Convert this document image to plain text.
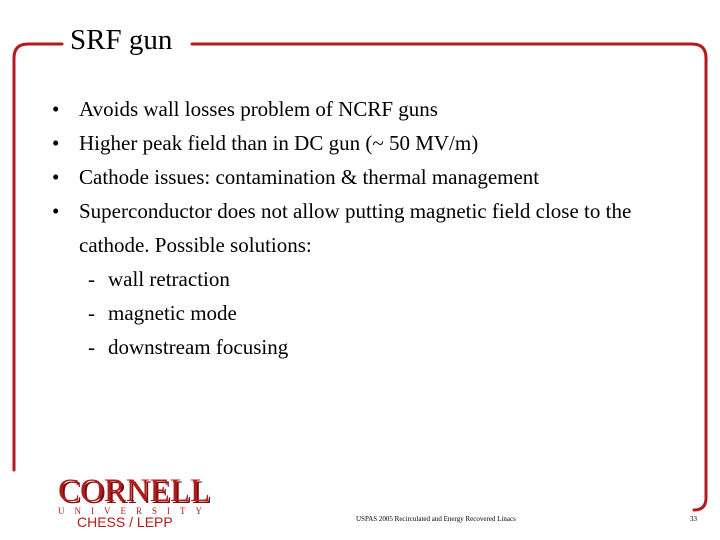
SRF gun
• Avoids wall losses problem of NCRF guns
• Higher peak field than in DC gun (~ 50 MV/m)
• Cathode issues: contamination & thermal management
• Superconductor does not allow putting magnetic field close to the cathode. Possible solutions:
- wall retraction
- magnetic mode
- downstream focusing
CORNELL
UNIVERSITY
CHESS / LEPP	USPAS 2005 Recirculated and Energy Recovered Linacs	33
